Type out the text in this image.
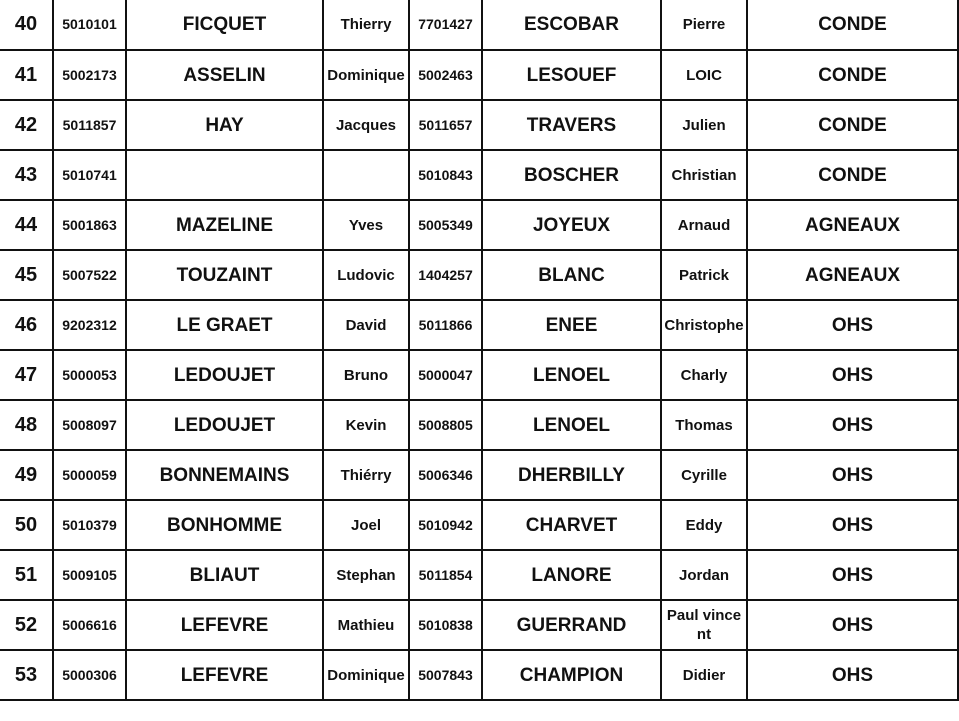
40	5010101	FICQUET	Thierry	7701427	ESCOBAR	Pierre	CONDE
41	5002173	ASSELIN	Dominique	5002463	LESOUEF	LOIC	CONDE
42	5011857	HAY	Jacques	5011657	TRAVERS	Julien	CONDE
43	5010741			5010843	BOSCHER	Christian	CONDE
44	5001863	MAZELINE	Yves	5005349	JOYEUX	Arnaud	AGNEAUX
45	5007522	TOUZAINT	Ludovic	1404257	BLANC	Patrick	AGNEAUX
46	9202312	LE GRAET	David	5011866	ENEE	Christophe	OHS
47	5000053	LEDOUJET	Bruno	5000047	LENOEL	Charly	OHS
48	5008097	LEDOUJET	Kevin	5008805	LENOEL	Thomas	OHS
49	5000059	BONNEMAINS	Thiérry	5006346	DHERBILLY	Cyrille	OHS
50	5010379	BONHOMME	Joel	5010942	CHARVET	Eddy	OHS
51	5009105	BLIAUT	Stephan	5011854	LANORE	Jordan	OHS
52	5006616	LEFEVRE	Mathieu	5010838	GUERRAND	Paul vincent	OHS
53	5000306	LEFEVRE	Dominique	5007843	CHAMPION	Didier	OHS
